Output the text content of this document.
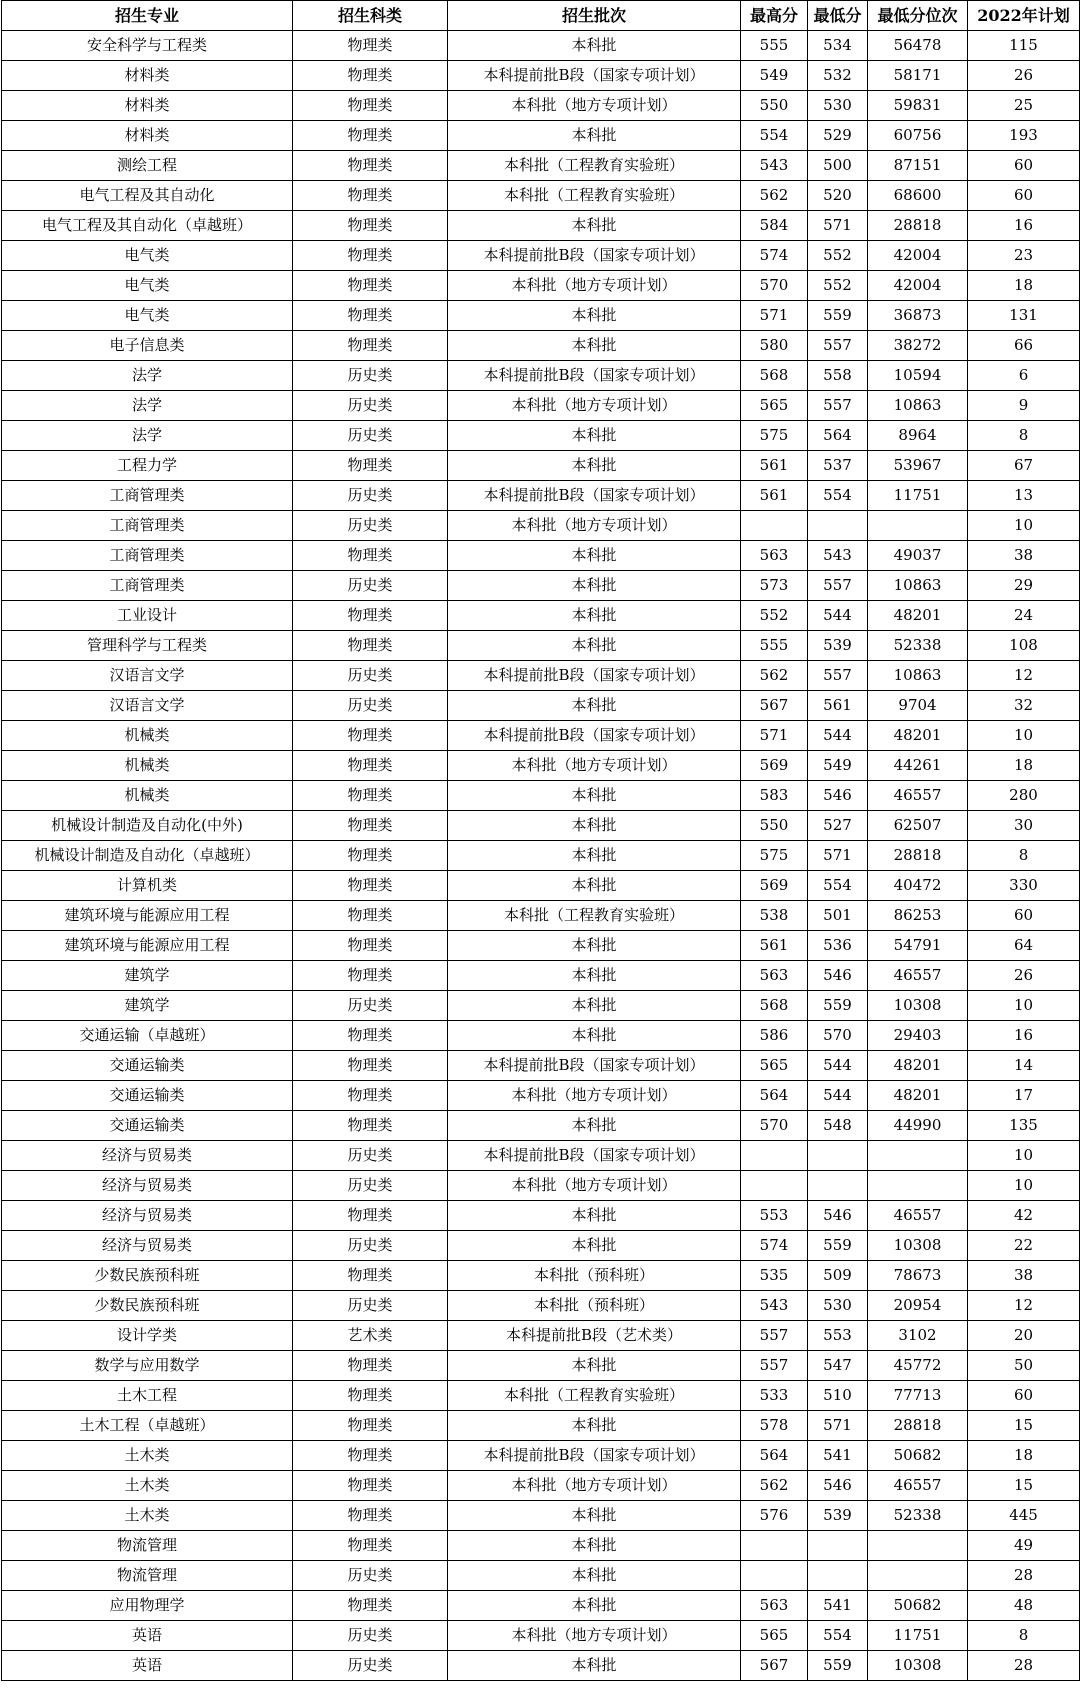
招生专业	招生科类	招生批次	最高分	最低分	最低分位次	2022年计划
安全科学与工程类	物理类	本科批	555	534	56478	115
材料类	物理类	本科提前批B段（国家专项计划）	549	532	58171	26
材料类	物理类	本科批（地方专项计划）	550	530	59831	25
材料类	物理类	本科批	554	529	60756	193
测绘工程	物理类	本科批（工程教育实验班）	543	500	87151	60
电气工程及其自动化	物理类	本科批（工程教育实验班）	562	520	68600	60
电气工程及其自动化（卓越班）	物理类	本科批	584	571	28818	16
电气类	物理类	本科提前批B段（国家专项计划）	574	552	42004	23
电气类	物理类	本科批（地方专项计划）	570	552	42004	18
电气类	物理类	本科批	571	559	36873	131
电子信息类	物理类	本科批	580	557	38272	66
法学	历史类	本科提前批B段（国家专项计划）	568	558	10594	6
法学	历史类	本科批（地方专项计划）	565	557	10863	9
法学	历史类	本科批	575	564	8964	8
工程力学	物理类	本科批	561	537	53967	67
工商管理类	历史类	本科提前批B段（国家专项计划）	561	554	11751	13
工商管理类	历史类	本科批（地方专项计划）				10
工商管理类	物理类	本科批	563	543	49037	38
工商管理类	历史类	本科批	573	557	10863	29
工业设计	物理类	本科批	552	544	48201	24
管理科学与工程类	物理类	本科批	555	539	52338	108
汉语言文学	历史类	本科提前批B段（国家专项计划）	562	557	10863	12
汉语言文学	历史类	本科批	567	561	9704	32
机械类	物理类	本科提前批B段（国家专项计划）	571	544	48201	10
机械类	物理类	本科批（地方专项计划）	569	549	44261	18
机械类	物理类	本科批	583	546	46557	280
机械设计制造及自动化(中外)	物理类	本科批	550	527	62507	30
机械设计制造及自动化（卓越班）	物理类	本科批	575	571	28818	8
计算机类	物理类	本科批	569	554	40472	330
建筑环境与能源应用工程	物理类	本科批（工程教育实验班）	538	501	86253	60
建筑环境与能源应用工程	物理类	本科批	561	536	54791	64
建筑学	物理类	本科批	563	546	46557	26
建筑学	历史类	本科批	568	559	10308	10
交通运输（卓越班）	物理类	本科批	586	570	29403	16
交通运输类	物理类	本科提前批B段（国家专项计划）	565	544	48201	14
交通运输类	物理类	本科批（地方专项计划）	564	544	48201	17
交通运输类	物理类	本科批	570	548	44990	135
经济与贸易类	历史类	本科提前批B段（国家专项计划）				10
经济与贸易类	历史类	本科批（地方专项计划）				10
经济与贸易类	物理类	本科批	553	546	46557	42
经济与贸易类	历史类	本科批	574	559	10308	22
少数民族预科班	物理类	本科批（预科班）	535	509	78673	38
少数民族预科班	历史类	本科批（预科班）	543	530	20954	12
设计学类	艺术类	本科提前批B段（艺术类）	557	553	3102	20
数学与应用数学	物理类	本科批	557	547	45772	50
土木工程	物理类	本科批（工程教育实验班）	533	510	77713	60
土木工程（卓越班）	物理类	本科批	578	571	28818	15
土木类	物理类	本科提前批B段（国家专项计划）	564	541	50682	18
土木类	物理类	本科批（地方专项计划）	562	546	46557	15
土木类	物理类	本科批	576	539	52338	445
物流管理	物理类	本科批				49
物流管理	历史类	本科批				28
应用物理学	物理类	本科批	563	541	50682	48
英语	历史类	本科批（地方专项计划）	565	554	11751	8
英语	历史类	本科批	567	559	10308	28
